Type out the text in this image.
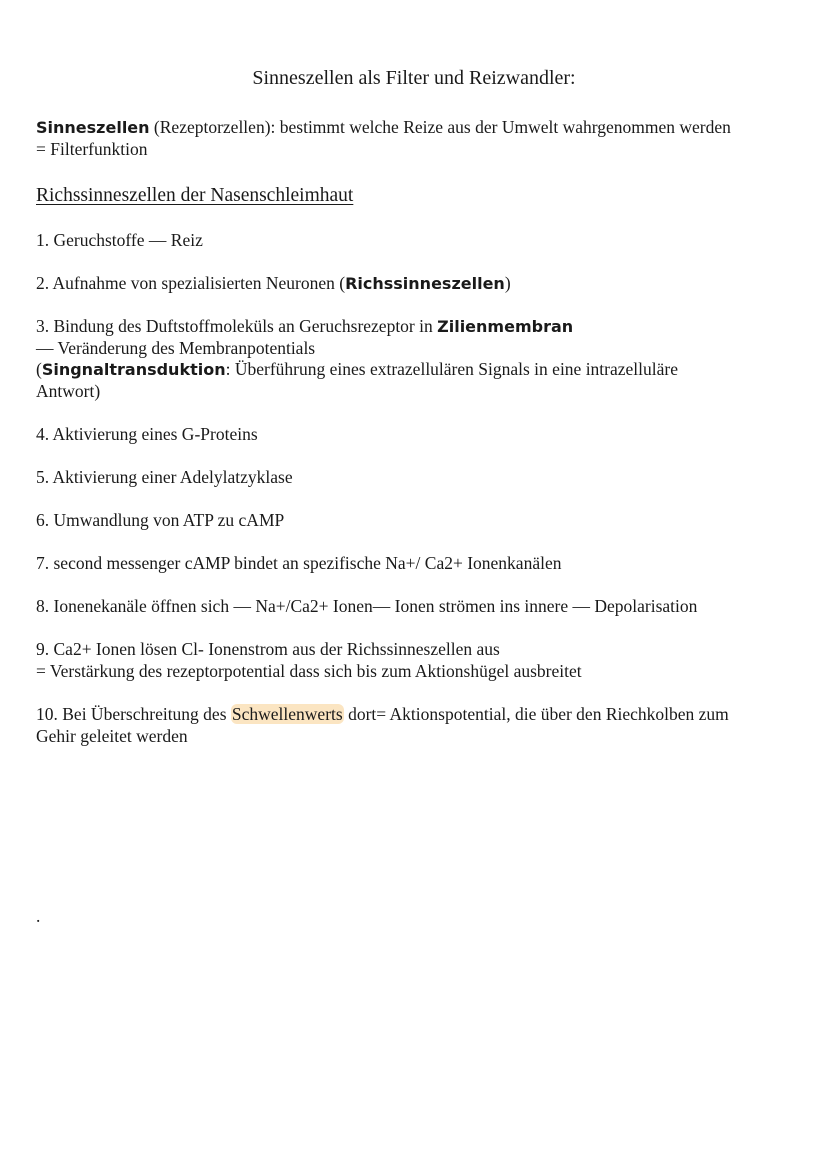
Sinneszellen als Filter und Reizwandler:
Sinneszellen (Rezeptorzellen): bestimmt welche Reize aus der Umwelt wahrgenommen werden
= Filterfunktion
Richssinneszellen der Nasenschleimhaut
1. Geruchstoffe — Reiz
2. Aufnahme von spezialisierten Neuronen (Richssinneszellen)
3. Bindung des Duftstoffmoleküls an Geruchsrezeptor in Zilienmembran
— Veränderung des Membranpotentials
(Singnaltransduktion: Überführung eines extrazellulären Signals in eine intrazelluläre
Antwort)
4. Aktivierung eines G-Proteins
5. Aktivierung einer Adelylatzyklase
6. Umwandlung von ATP zu cAMP
7. second messenger cAMP bindet an spezifische Na+/ Ca2+ Ionenkanälen
8. Ionenekanäle öffnen sich — Na+/Ca2+ Ionen— Ionen strömen ins innere — Depolarisation
9. Ca2+ Ionen lösen Cl- Ionenstrom aus der Richssinneszellen aus
= Verstärkung des rezeptorpotential dass sich bis zum Aktionshügel ausbreitet
10. Bei Überschreitung des Schwellenwerts dort= Aktionspotential, die über den Riechkolben zum
Gehir geleitet werden
.
